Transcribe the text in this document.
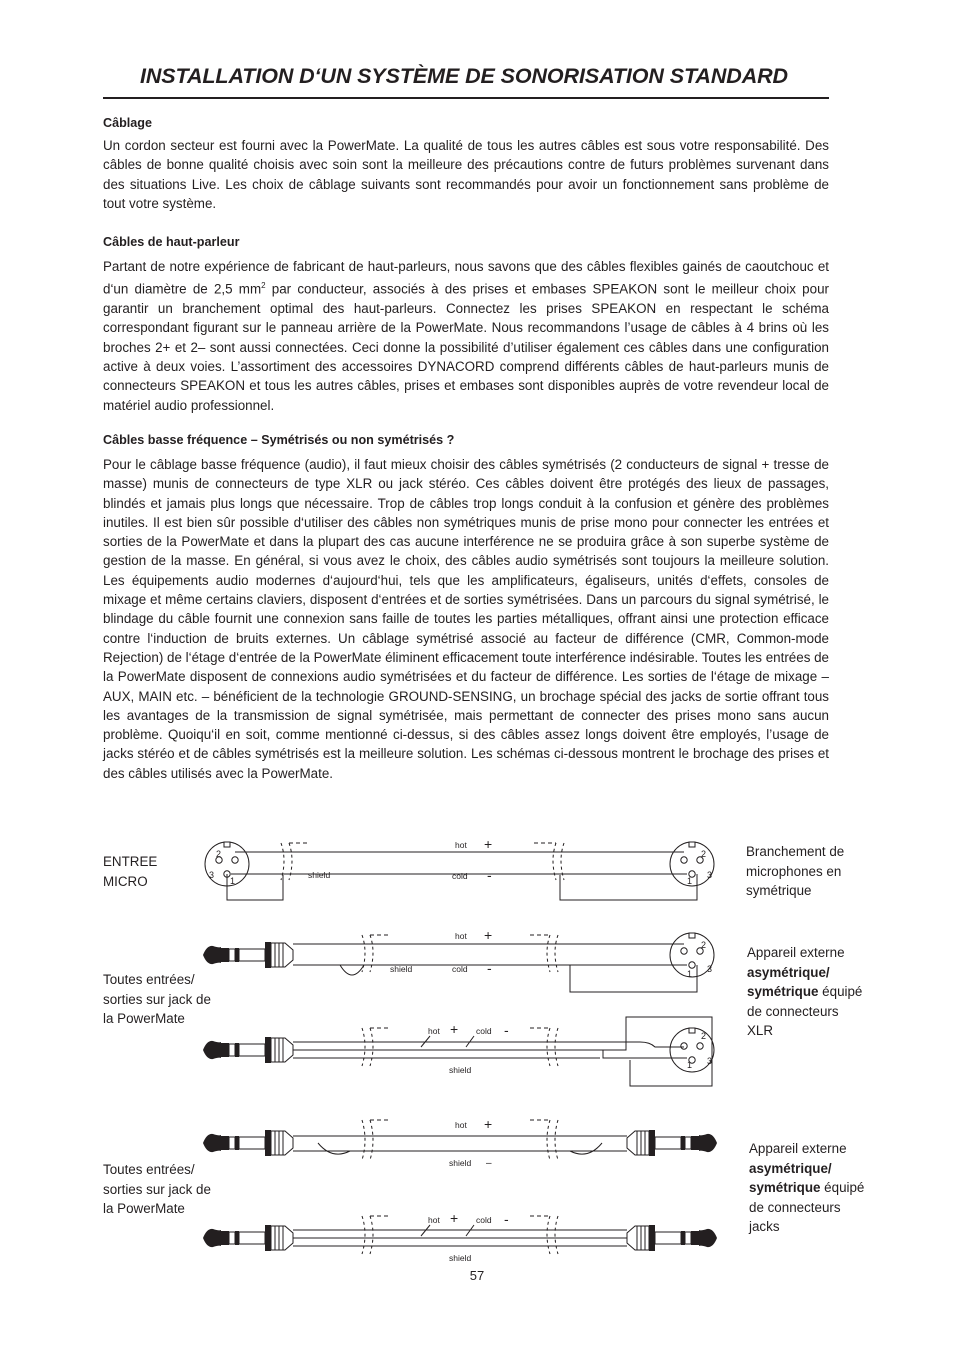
INSTALLATION D‘UN SYSTÈME DE SONORISATION STANDARD
Câblage

Un cordon secteur est fourni avec la PowerMate. La qualité de tous les autres câbles est sous votre responsabilité. Des câbles de bonne qualité choisis avec soin sont la meilleure des précautions contre de futurs problèmes survenant dans des situations Live. Les choix de câblage suivants sont recommandés pour avoir un fonctionnement sans problème de tout votre système.

Câbles de haut-parleur

Partant de notre expérience de fabricant de haut-parleurs, nous savons que des câbles flexibles gainés de caoutchouc et d‘un diamètre de 2,5 $mm^2$ par conducteur, associés à des prises et embases SPEAKON sont le meilleur choix pour garantir un branchement optimal des haut-parleurs. Connectez les prises SPEAKON en respectant le schéma correspondant figurant sur le panneau arrière de la PowerMate. Nous recommandons l’usage de câbles à 4 brins où les broches 2+ et 2– sont aussi connectées. Ceci donne la possibilité d’utiliser également ces câbles dans une configuration active à deux voies. L’assortiment des accessoires DYNACORD comprend différents câbles de haut-parleurs munis de connecteurs SPEAKON et tous les autres câbles, prises et embases sont disponibles auprès de votre revendeur local de matériel audio professionnel.

Câbles basse fréquence – Symétrisés ou non symétrisés ?

Pour le câblage basse fréquence (audio), il faut mieux choisir des câbles symétrisés (2 conducteurs de signal + tresse de masse) munis de connecteurs de type XLR ou jack stéréo. Ces câbles doivent être protégés des lieux de passages, blindés et jamais plus longs que nécessaire. Trop de câbles trop longs conduit à la confusion et génère des problèmes inutiles. Il est bien sûr possible d‘utiliser des câbles non symétriques munis de prise mono pour connecter les entrées et sorties de la PowerMate et dans la plupart des cas aucune interférence ne se produira grâce à son superbe système de gestion de la masse. En général, si vous avez le choix, des câbles audio symétrisés sont toujours la meilleure solution. Les équipements audio modernes d‘aujourd‘hui, tels que les amplificateurs, égaliseurs, unités d‘effets, consoles de mixage et même certains claviers, disposent d‘entrées et de sorties symétrisées. Dans un parcours du signal symétrisé, le blindage du câble fournit une connexion sans faille de toutes les parties métalliques, offrant ainsi une protection efficace contre l‘induction de bruits externes. Un câblage symétrisé associé au facteur de différence (CMR, Common-mode Rejection) de l‘étage d‘entrée de la PowerMate éliminent efficacement toute interférence indésirable. Toutes les entrées de la PowerMate disposent de connexions audio symétrisées et du facteur de différence. Les sorties de l‘étage de mixage – AUX, MAIN etc. – bénéficient de la technologie GROUND-SENSING, un brochage spécial des jacks de sortie offrant tous les avantages de la transmission de signal symétrisée, mais permettant de connecter des prises mono sans aucun problème. Quoiqu‘il en soit, comme mentionné ci-dessus, si des câbles assez longs doivent être employés, l’usage de jacks stéréo et de câbles symétrisés est la meilleure solution. Les schémas ci-dessous montrent le brochage des prises et des câbles utilisés avec la PowerMate.

ENTREE
MICRO
Toutes entrées/
sorties sur jack de
la PowerMate
Toutes entrées/
sorties sur jack de
la PowerMate
Branchement de
microphones en
symétrique
Appareil externe
asymétrique/
symétrique équipé
de connecteurs
XLR
Appareil externe
asymétrique/
symétrique équipé
de connecteurs
jacks
2
3
1
2
3
1
hot +
cold -
shield
2
3
1
hot +
cold -
shield
2
3
1
hot + cold -
shield
hot +
shield –
hot + cold -
shield
57
